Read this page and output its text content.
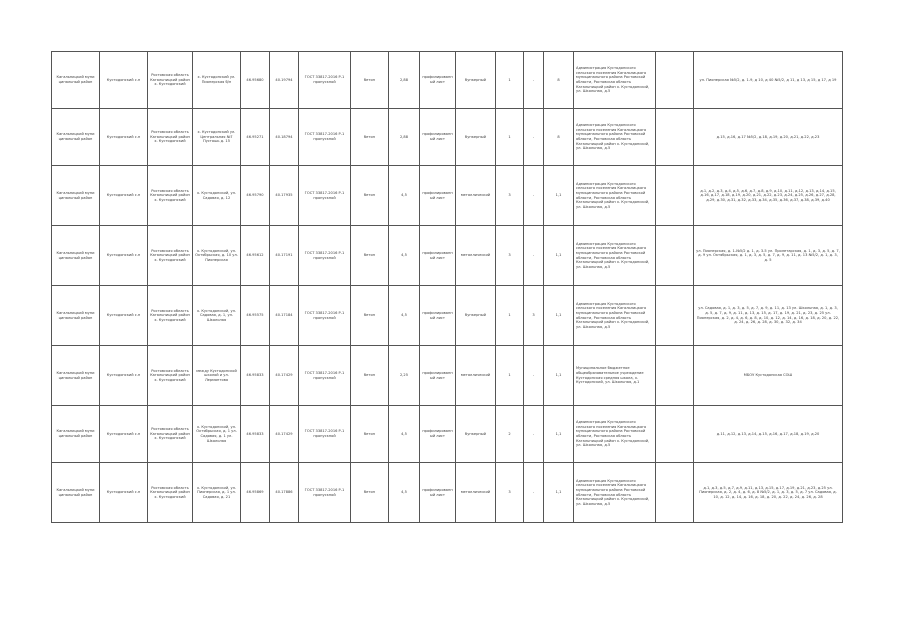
Кагальницкий муни ципальный район	Кустодонский с.п	Ростовская область Кагальницкий район х. Кустодонский	х. Кустодонский ул. Пионерская б/н	46.95680	40.19794	ГОСТ 33817-2016 Р-1 пропускной	бетон	2,88	профилированный лист	бункерный	1	-	8	Администрация Кустодонского сельского поселения Кагальницкого муниципального района Ростовской области, Ростовская область Кагальницкий район х. Кустодонский, ул. Школьная, д.5		ул. Пионерская №5/2, д. 1-9, д 10, д 40 №5/2, д 11, д 13, д 15, д 17, д 19
Кагальницкий муни ципальный район	Кустодонский с.п	Ростовская область Кагальницкий район х. Кустодонский	х. Кустодонский ул. Центральная №7 Пустошь д. 15	46.95271	40.18794	ГОСТ 33817-2016 Р-1 пропускной	бетон	2,88	профилированный лист	бункерный	1	-	8	Администрация Кустодонского сельского поселения Кагальницкого муниципального района Ростовской области, Ростовская область Кагальницкий район х. Кустодонский, ул. Школьная, д.5		д.15, д.16, д.17 №5/2, д.18, д.19, д.20, д.21, д.22, д.23
Кагальницкий муни ципальный район	Кустодонский с.п	Ростовская область Кагальницкий район х. Кустодонский	х. Кустодонский, ул. Садовая, д. 12	46.95790	40.17935	ГОСТ 33817-2016 Р-1 пропускной	бетон	4,5	профилированный лист	металлический	3	-	1,1	Администрация Кустодонского сельского поселения Кагальницкого муниципального района Ростовской области, Ростовская область Кагальницкий район х. Кустодонский, ул. Школьная, д.5		д.1, д.2, д.3, д.4, д.5, д.6, д.7, д.8, д.9, д.10, д.11, д.12, д.13, д.14, д.15, д.16, д.17, д.18, д.19, д.20, д.21, д.22, д.23, д.24, д.25, д.26, д.27, д.28, д.29, д.30, д.31, д.32, д.33, д.34, д.35, д.36, д.37, д.38, д.39, д.40
Кагальницкий муни ципальный район	Кустодонский с.п	Ростовская область Кагальницкий район х. Кустодонский	х. Кустодонский, ул. Октябрьская, д. 10 ул. Пионерская	46.95612	40.17191	ГОСТ 33817-2016 Р-1 пропускной	бетон	4,5	профилированный лист	металлический	3	-	1,1	Администрация Кустодонского сельского поселения Кагальницкого муниципального района Ростовской области, Ростовская область Кагальницкий район х. Кустодонский, ул. Школьная, д.5		ул. Пионерская, д. 1-№5/2 д. 1, д. 3-5 ул. Пролетарская, д. 1, д. 3, д. 5, д. 7, д. 9 ул. Октябрьская, д. 1, д. 3, д. 5, д. 7, д. 9, д. 11, д. 13 №5/2, д. 1, д. 3, д. 5
Кагальницкий муни ципальный район	Кустодонский с.п	Ростовская область Кагальницкий район х. Кустодонский	х. Кустодонский, ул. Садовая, д. 1, ул. Школьная	46.95575	40.17184	ГОСТ 33817-2016 Р-1 пропускной	бетон	4,5	профилированный лист	бункерный	1	3	1,1	Администрация Кустодонского сельского поселения Кагальницкого муниципального района Ростовской области, Ростовская область Кагальницкий район х. Кустодонский, ул. Школьная, д.5		ул. Садовая, д. 1, д. 3, д. 5, д. 7, д. 9, д. 11, д. 13 ул. Школьная, д. 1, д. 3, д. 5, д. 7, д. 9, д. 11, д. 13, д. 15, д. 17, д. 19, д. 21, д. 23, д. 25 ул. Пионерская, д. 2, д. 4, д. 6, д. 8, д. 10, д. 12, д. 14, д. 16, д. 18, д. 20, д. 22, д. 24, д. 26, д. 28, д. 30, д. 32, д. 34
Кагальницкий муни ципальный район	Кустодонский с.п	Ростовская область Кагальницкий район х. Кустодонский	между Кустодонской школой и ул. Лермонтова	46.95833	40.17429	ГОСТ 33817-2016 Р-1 пропускной	бетон	2,25	профилированный лист	металлический	1	-	1,1	Муниципальное бюджетное общеобразовательное учреждение Кустодонская средняя школа, х. Кустодонский, ул. Школьная, д.1		МБОУ Кустодонская СОШ
Кагальницкий муни ципальный район	Кустодонский с.п	Ростовская область Кагальницкий район х. Кустодонский	х. Кустодонский, ул. Октябрьская, д. 1 ул. Садовая, д. 1 ул. Школьная	46.95833	40.17429	ГОСТ 33817-2016 Р-1 пропускной	бетон	4,5	профилированный лист	бункерный	2	-	1,1	Администрация Кустодонского сельского поселения Кагальницкого муниципального района Ростовской области, Ростовская область Кагальницкий район х. Кустодонский, ул. Школьная, д.5		д.11, д.12, д.13, д.14, д.15, д.16, д.17, д.18, д.19, д.20
Кагальницкий муни ципальный район	Кустодонский с.п	Ростовская область Кагальницкий район х. Кустодонский	х. Кустодонский, ул. Пионерская, д. 1 ул. Садовая, д. 21	46.95869	40.17886	ГОСТ 33817-2016 Р-1 пропускной	бетон	4,5	профилированный лист	металлический	3	-	1,1	Администрация Кустодонского сельского поселения Кагальницкого муниципального района Ростовской области, Ростовская область Кагальницкий район х. Кустодонский, ул. Школьная, д.5		д.1, д.3, д.5, д.7, д.9, д.11, д.13, д.15, д.17, д.19, д.21, д.23, д.25 ул. Пионерская, д. 2, д. 4, д. 6, д. 8 №5/2, д. 1, д. 3, д. 5, д. 7 ул. Садовая, д. 10, д. 12, д. 14, д. 16, д. 18, д. 20, д. 22, д. 24, д. 26, д. 28
